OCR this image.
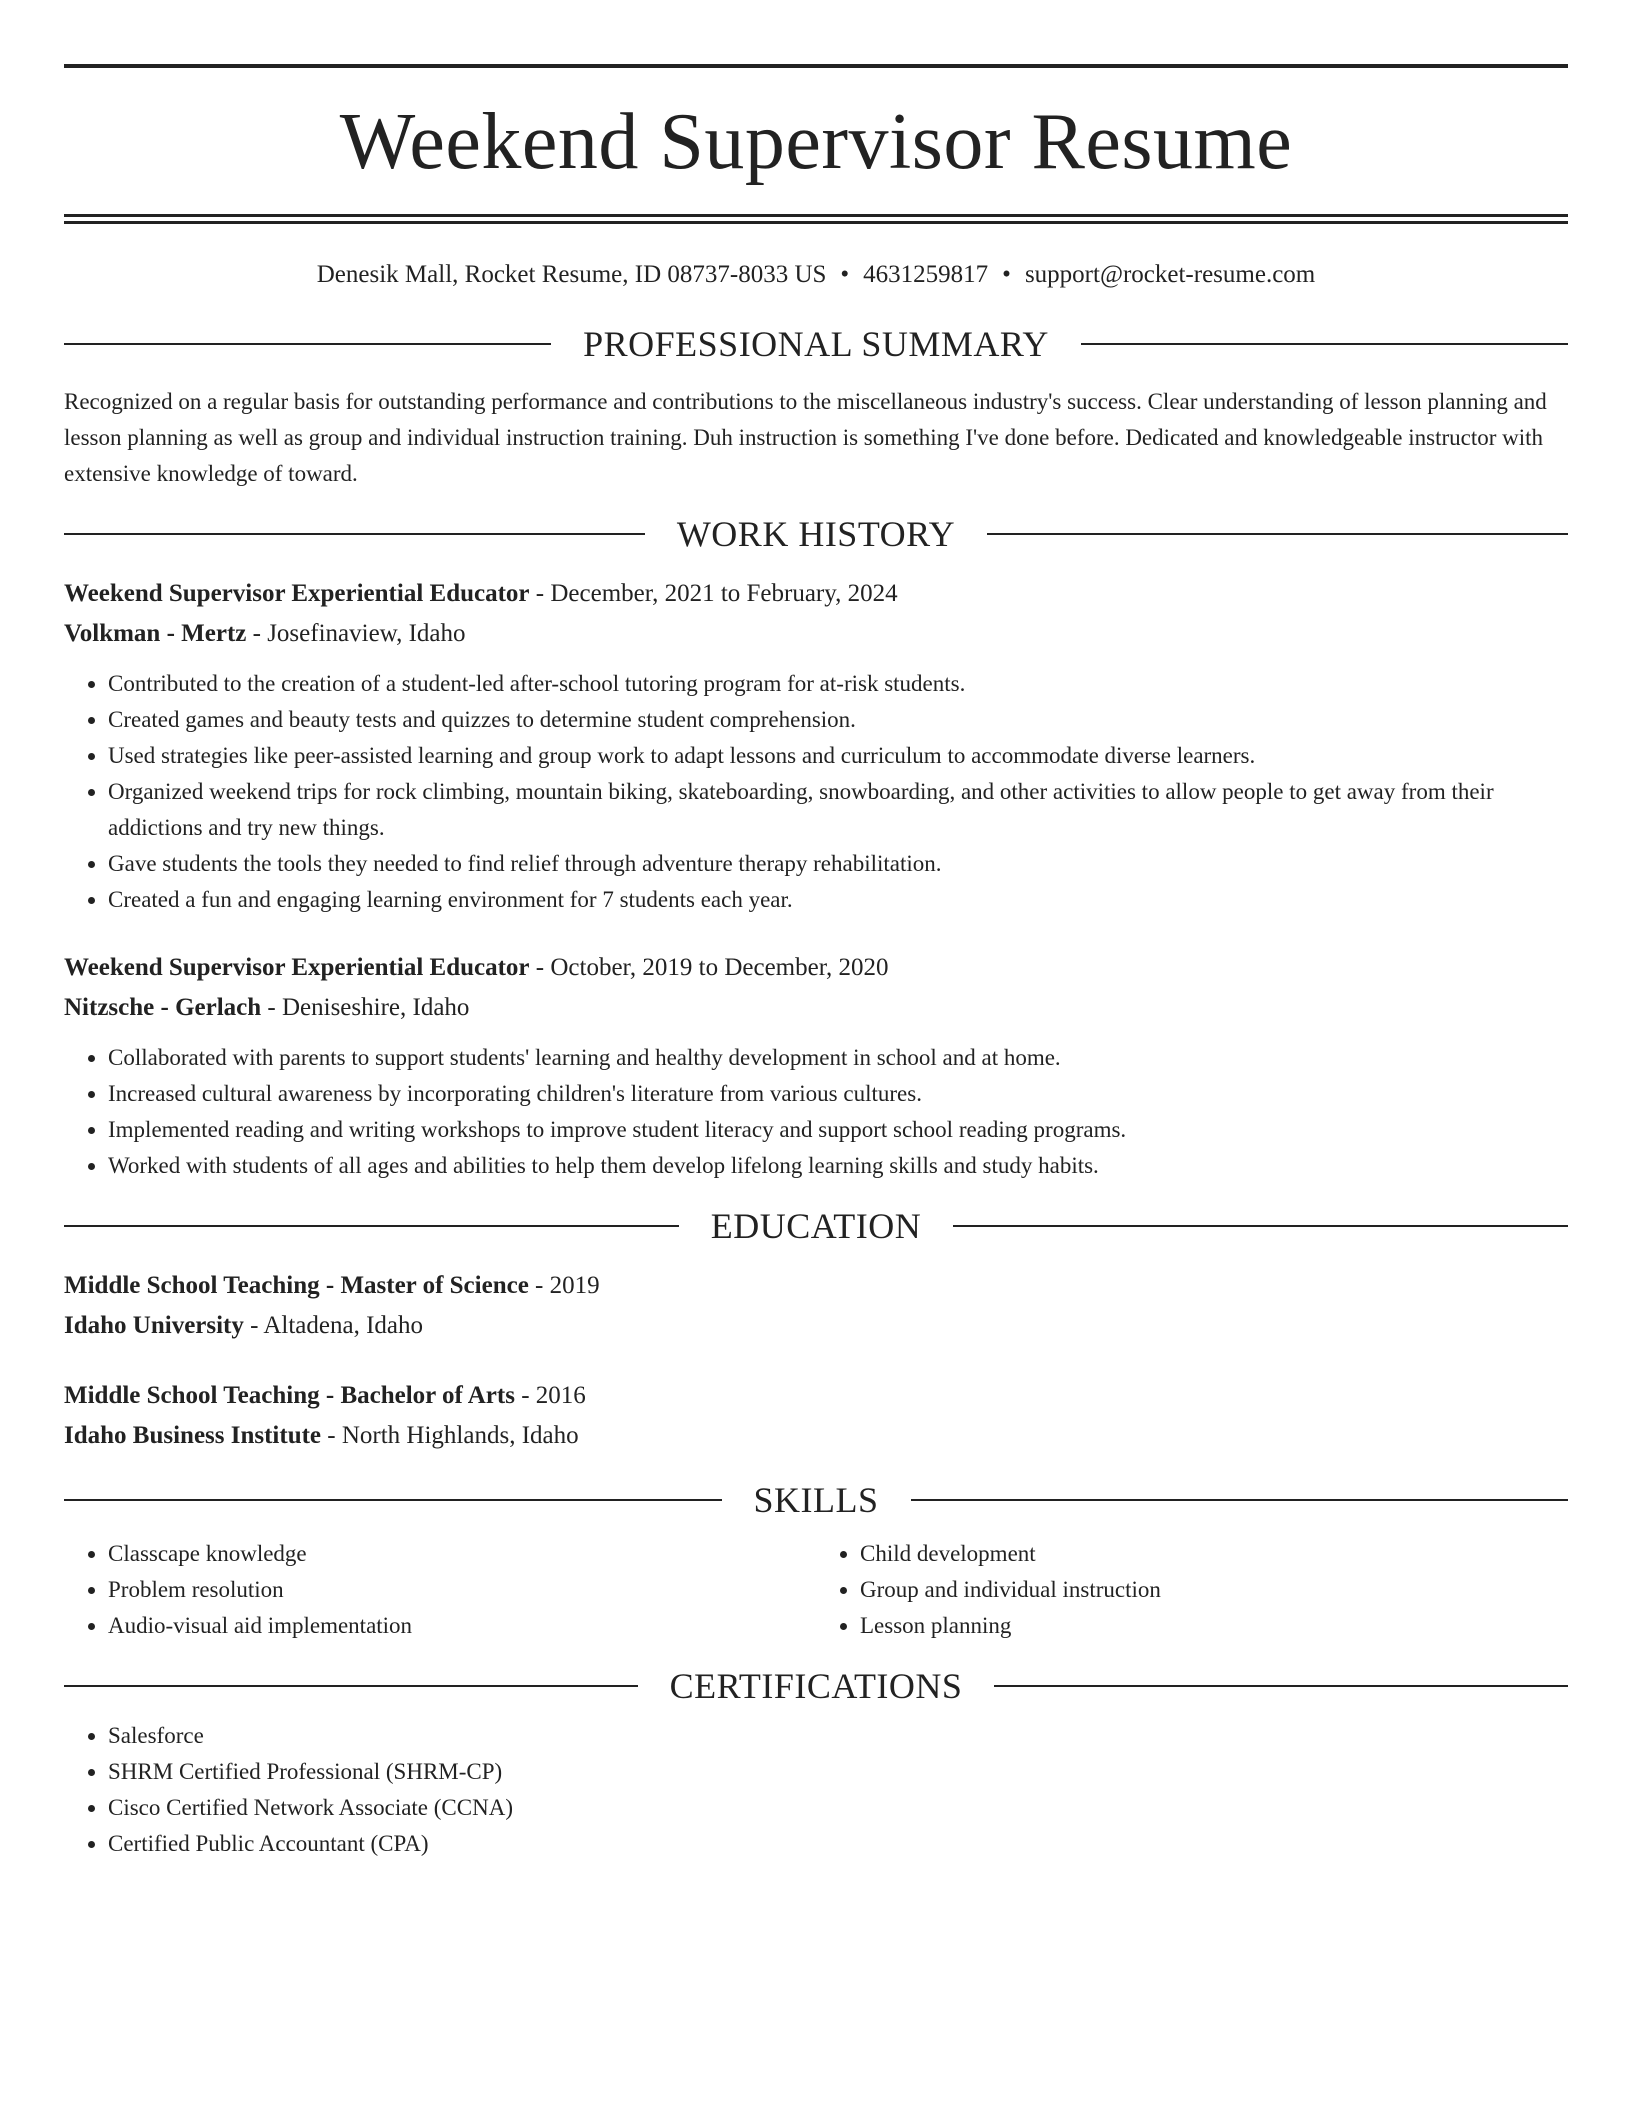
Weekend Supervisor Resume
Denesik Mall, Rocket Resume, ID 08737-8033 US • 4631259817 • support@rocket-resume.com
PROFESSIONAL SUMMARY

Recognized on a regular basis for outstanding performance and contributions to the miscellaneous industry's success. Clear understanding of lesson planning and lesson planning as well as group and individual instruction training. Duh instruction is something I've done before. Dedicated and knowledgeable instructor with extensive knowledge of toward.

WORK HISTORY
Weekend Supervisor Experiential Educator - December, 2021 to February, 2024
Volkman - Mertz - Josefinaview, Idaho
• Contributed to the creation of a student-led after-school tutoring program for at-risk students.
• Created games and beauty tests and quizzes to determine student comprehension.
• Used strategies like peer-assisted learning and group work to adapt lessons and curriculum to accommodate diverse learners.
• Organized weekend trips for rock climbing, mountain biking, skateboarding, snowboarding, and other activities to allow people to get away from their addictions and try new things.
• Gave students the tools they needed to find relief through adventure therapy rehabilitation.
• Created a fun and engaging learning environment for 7 students each year.
Weekend Supervisor Experiential Educator - October, 2019 to December, 2020
Nitzsche - Gerlach - Deniseshire, Idaho
• Collaborated with parents to support students' learning and healthy development in school and at home.
• Increased cultural awareness by incorporating children's literature from various cultures.
• Implemented reading and writing workshops to improve student literacy and support school reading programs.
• Worked with students of all ages and abilities to help them develop lifelong learning skills and study habits.
EDUCATION
Middle School Teaching - Master of Science - 2019
Idaho University - Altadena, Idaho
Middle School Teaching - Bachelor of Arts - 2016
Idaho Business Institute - North Highlands, Idaho
SKILLS
• Classcape knowledge
• Problem resolution
• Audio-visual aid implementation
• Child development
• Group and individual instruction
• Lesson planning
CERTIFICATIONS
• Salesforce
• SHRM Certified Professional (SHRM-CP)
• Cisco Certified Network Associate (CCNA)
• Certified Public Accountant (CPA)
